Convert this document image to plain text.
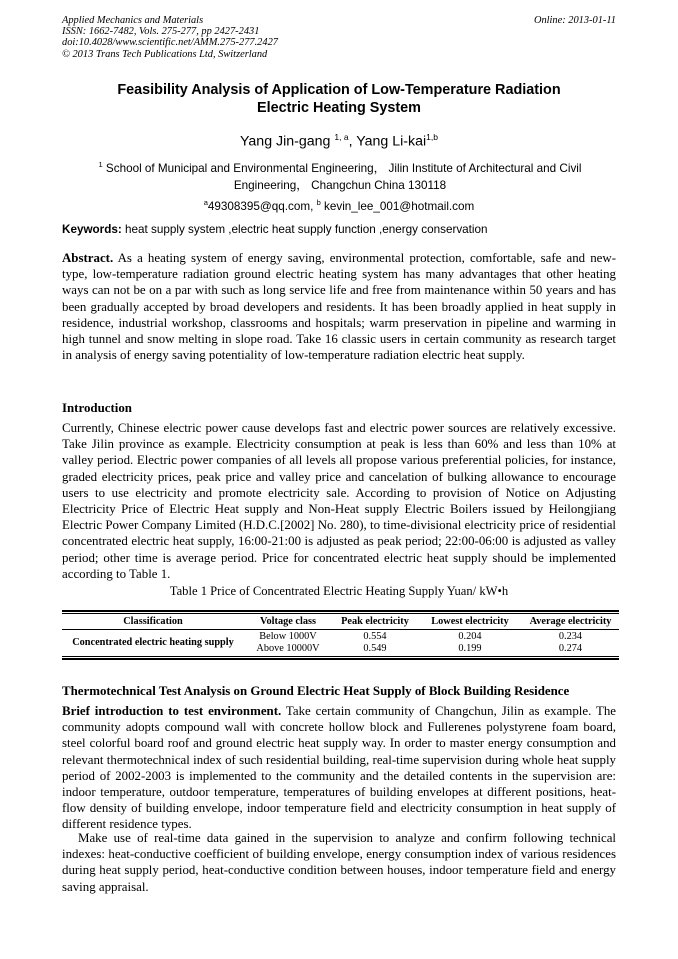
Applied Mechanics and Materials
ISSN: 1662-7482, Vols. 275-277, pp 2427-2431
doi:10.4028/www.scientific.net/AMM.275-277.2427
© 2013 Trans Tech Publications Ltd, Switzerland
Online: 2013-01-11
Feasibility Analysis of Application of Low-Temperature Radiation
Electric Heating System
Yang Jin-gang $^{1, a}$, Yang Li-kai$^{1,b}$
$^1$ School of Municipal and Environmental Engineering， Jilin Institute of Architectural and Civil
Engineering， Changchun China 130118
$^a$49308395@qq.com, $^b$ kevin_lee_001@hotmail.com
Keywords: heat supply system ,electric heat supply function ,energy conservation
Abstract. As a heating system of energy saving, environmental protection, comfortable, safe and new-type, low-temperature radiation ground electric heating system has many advantages that other heating ways can not be on a par with such as long service life and free from maintenance within 50 years and has been gradually accepted by broad developers and residents. It has been broadly applied in heat supply in residence, industrial workshop, classrooms and hospitals; warm preservation in pipeline and warming in high tunnel and snow melting in slope road. Take 16 classic users in certain community as research target in analysis of energy saving potentiality of low-temperature radiation electric heat supply.
Introduction
Currently, Chinese electric power cause develops fast and electric power sources are relatively excessive. Take Jilin province as example. Electricity consumption at peak is less than 60% and less than 10% at valley period. Electric power companies of all levels all propose various preferential policies, for instance, graded electricity prices, peak price and valley price and cancelation of bulking allowance to encourage users to use electricity and promote electricity sale. According to provision of Notice on Adjusting Electricity Price of Electric Heat supply and Non-Heat supply Electric Boilers issued by Heilongjiang Electric Power Company Limited (H.D.C.[2002] No. 280), to time-divisional electricity price of residential concentrated electric heat supply, 16:00-21:00 is adjusted as peak period; 22:00-06:00 is adjusted as valley period; other time is average period. Price for concentrated electric heat supply should be implemented according to Table 1.
Table 1 Price of Concentrated Electric Heating Supply Yuan/ kW•h
Classification	Voltage class	Peak electricity	Lowest electricity	Average electricity
Concentrated electric heating supply
Below 1000V	0.554	0.204	0.234
Above 10000V	0.549	0.199	0.274
Thermotechnical Test Analysis on Ground Electric Heat Supply of Block Building Residence
Brief introduction to test environment. Take certain community of Changchun, Jilin as example. The community adopts compound wall with concrete hollow block and Fullerenes polystyrene foam board, steel colorful board roof and ground electric heat supply way. In order to master energy consumption and relevant thermotechnical index of such residential building, real-time supervision during whole heat supply period of 2002-2003 is implemented to the community and the detailed contents in the supervision are: indoor temperature, outdoor temperature, temperatures of building envelopes at different positions, heat-flow density of building envelope, indoor temperature field and electricity consumption in heat supply of different residence types.
Make use of real-time data gained in the supervision to analyze and confirm following technical indexes: heat-conductive coefficient of building envelope, energy consumption index of various residences during heat supply period, heat-conductive condition between houses, indoor temperature field and energy saving appraisal.
